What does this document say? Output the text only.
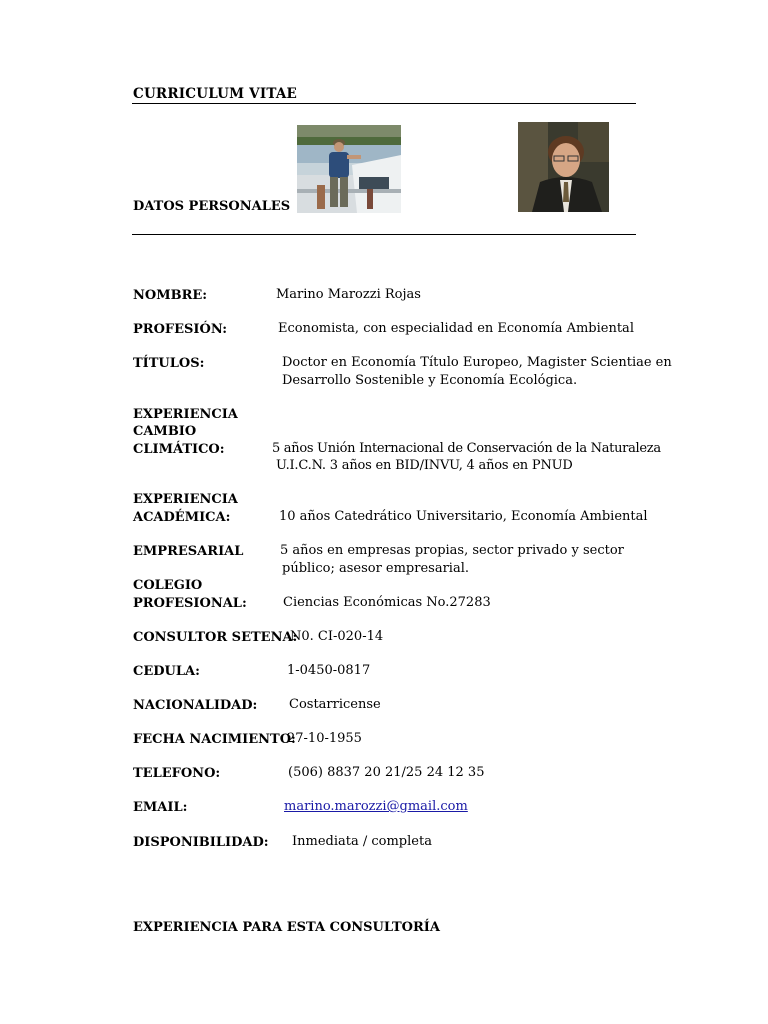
CURRICULUM VITAE
DATOS PERSONALES
NOMBRE:	Marino Marozzi Rojas
PROFESIÓN:	Economista, con especialidad en Economía Ambiental
TÍTULOS:	Doctor en Economía Título Europeo, Magister Scientiae en
Desarrollo Sostenible y Economía Ecológica.
EXPERIENCIA
CAMBIO
CLIMÁTICO:	5 años Unión Internacional de Conservación de la Naturaleza
U.I.C.N. 3 años en BID/INVU, 4 años en PNUD
EXPERIENCIA
ACADÉMICA:	10 años Catedrático Universitario, Economía Ambiental
EMPRESARIAL	5 años en empresas propias, sector privado y sector
público; asesor empresarial.
COLEGIO
PROFESIONAL:	Ciencias Económicas No.27283
CONSULTOR SETENA:
N0. CI-020-14
CEDULA:	1-0450-0817
NACIONALIDAD: Costarricense
FECHA NACIMIENTO:
27-10-1955
TELEFONO:	(506) 8837 20 21/25 24 12 35
EMAIL:	marino.marozzi@gmail.com
DISPONIBILIDAD: Inmediata / completa
EXPERIENCIA PARA ESTA CONSULTORÍA
